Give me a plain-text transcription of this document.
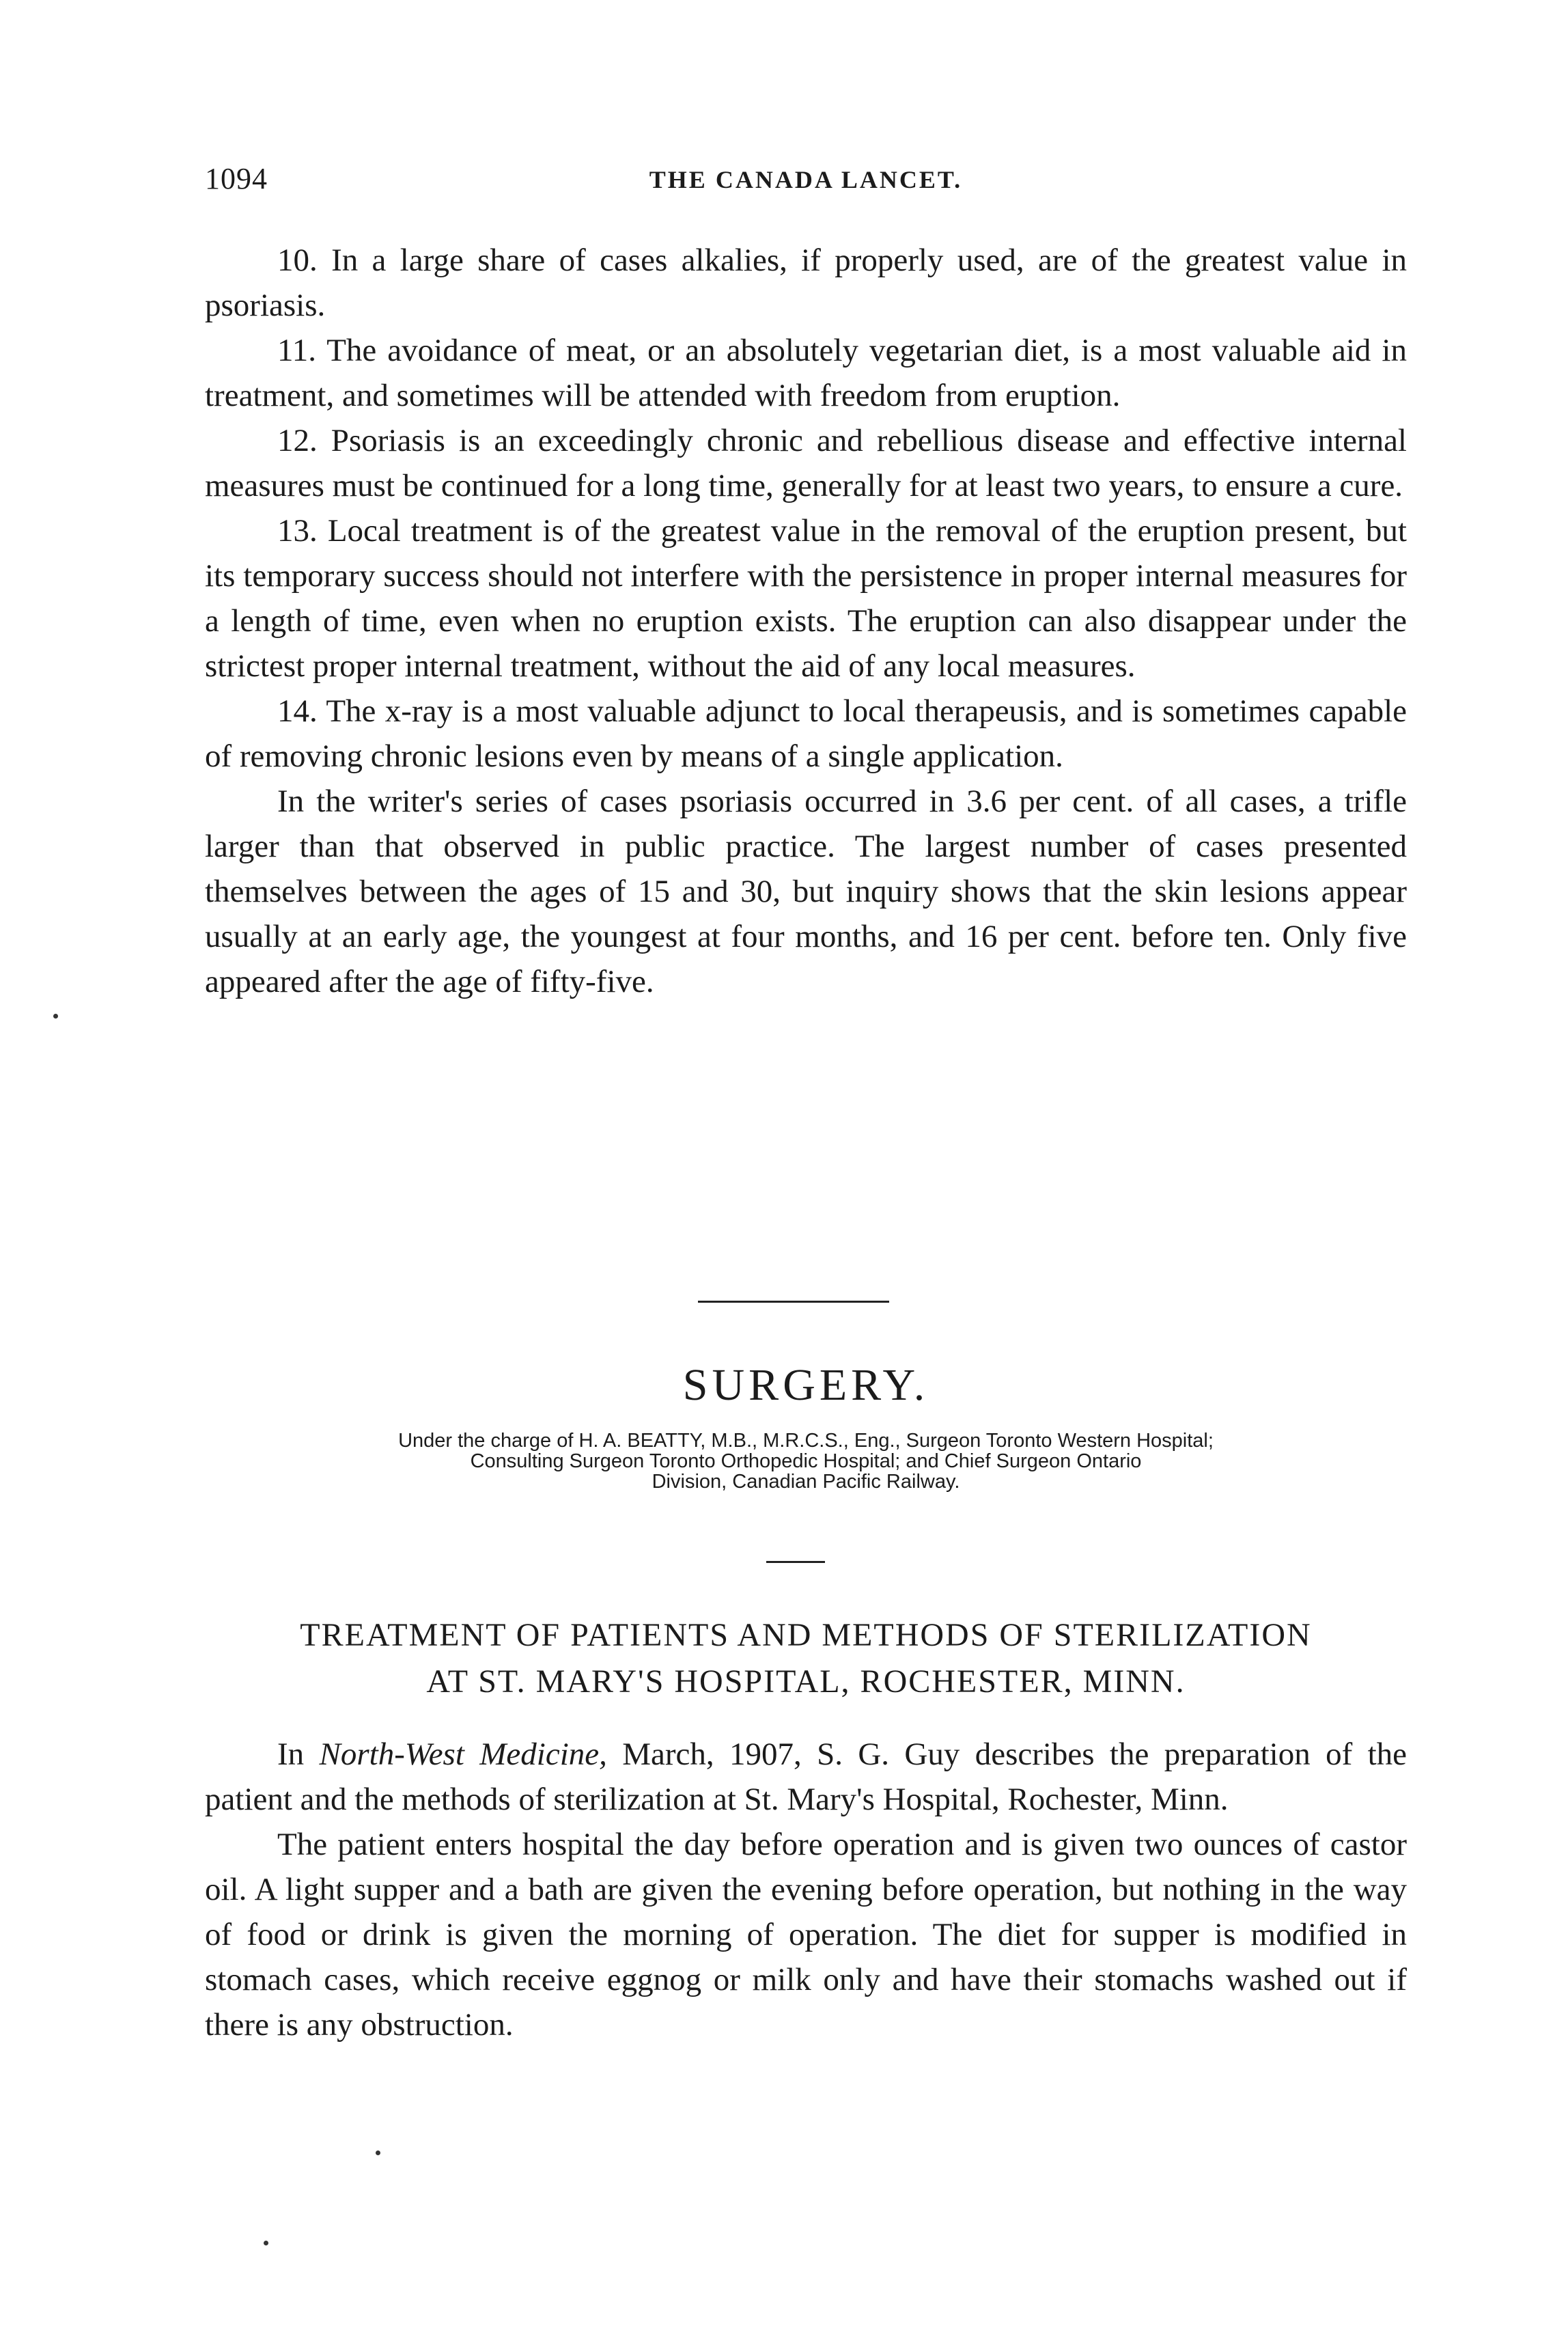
1094	THE CANADA LANCET.

10. In a large share of cases alkalies, if properly used, are of the greatest value in psoriasis.

11. The avoidance of meat, or an absolutely vegetarian diet, is a most valuable aid in treatment, and sometimes will be attended with freedom from eruption.

12. Psoriasis is an exceedingly chronic and rebellious disease and effective internal measures must be continued for a long time, generally for at least two years, to ensure a cure.

13. Local treatment is of the greatest value in the removal of the eruption present, but its temporary success should not interfere with the persistence in proper internal measures for a length of time, even when no eruption exists. The eruption can also disappear under the strictest proper internal treatment, without the aid of any local measures.

14. The x-ray is a most valuable adjunct to local therapeusis, and is sometimes capable of removing chronic lesions even by means of a single application.

In the writer's series of cases psoriasis occurred in 3.6 per cent. of all cases, a trifle larger than that observed in public practice. The largest number of cases presented themselves between the ages of 15 and 30, but inquiry shows that the skin lesions appear usually at an early age, the youngest at four months, and 16 per cent. before ten. Only five appeared after the age of fifty-five.

SURGERY.
Under the charge of H. A. BEATTY, M.B., M.R.C.S., Eng., Surgeon Toronto Western Hospital;
Consulting Surgeon Toronto Orthopedic Hospital; and Chief Surgeon Ontario
Division, Canadian Pacific Railway.
TREATMENT OF PATIENTS AND METHODS OF STERILIZATION
AT ST. MARY'S HOSPITAL, ROCHESTER, MINN.

In North-West Medicine, March, 1907, S. G. Guy describes the preparation of the patient and the methods of sterilization at St. Mary's Hospital, Rochester, Minn.

The patient enters hospital the day before operation and is given two ounces of castor oil. A light supper and a bath are given the evening before operation, but nothing in the way of food or drink is given the morning of operation. The diet for supper is modified in stomach cases, which receive eggnog or milk only and have their stomachs washed out if there is any obstruction.
